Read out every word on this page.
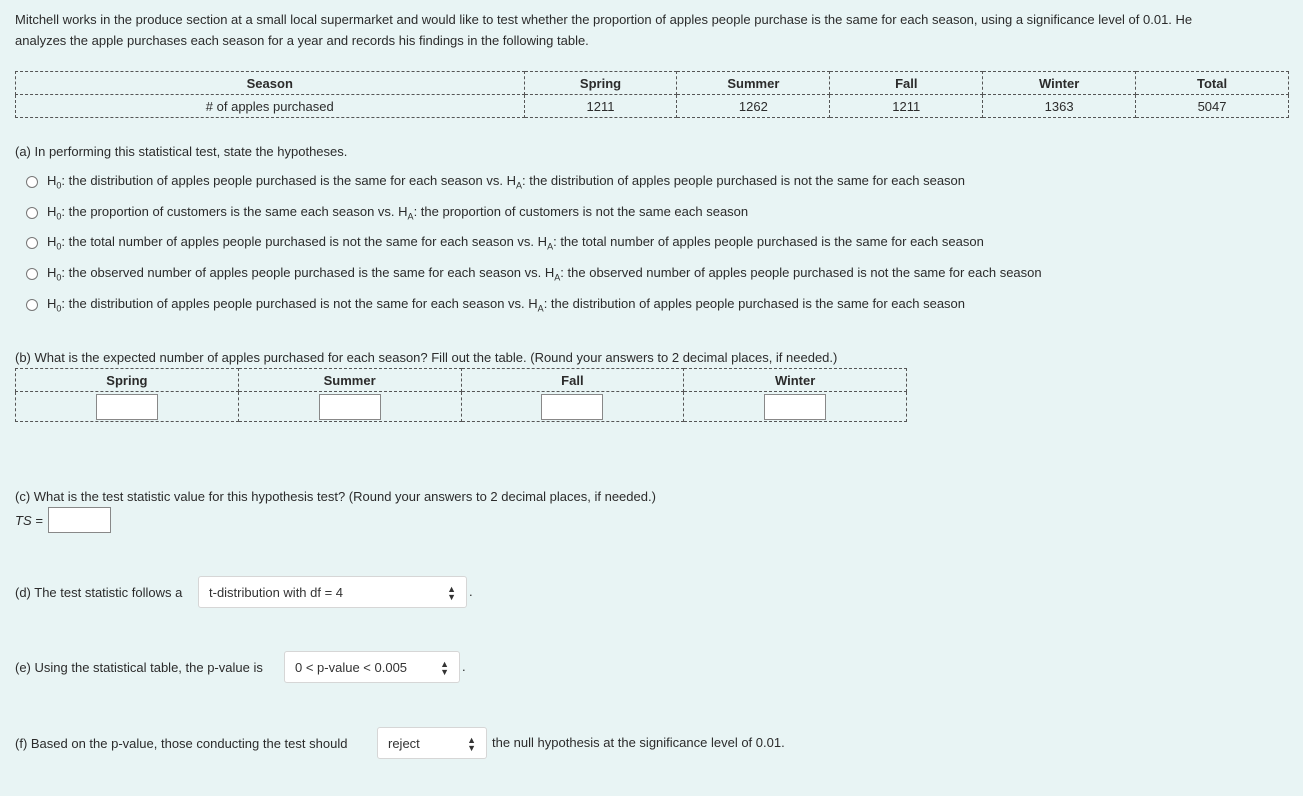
Mitchell works in the produce section at a small local supermarket and would like to test whether the proportion of apples people purchase is the same for each season, using a significance level of 0.01. He
analyzes the apple purchases each season for a year and records his findings in the following table.
Season	Spring	Summer	Fall	Winter	Total
# of apples purchased	1211	1262	1211	1363	5047
(a) In performing this statistical test, state the hypotheses.
$H_0$: the distribution of apples people purchased is the same for each season vs. $H_A$: the distribution of apples people purchased is not the same for each season
$H_0$: the proportion of customers is the same each season vs. $H_A$: the proportion of customers is not the same each season
$H_0$: the total number of apples people purchased is not the same for each season vs. $H_A$: the total number of apples people purchased is the same for each season
$H_0$: the observed number of apples people purchased is the same for each season vs. $H_A$: the observed number of apples people purchased is not the same for each season
$H_0$: the distribution of apples people purchased is not the same for each season vs. $H_A$: the distribution of apples people purchased is the same for each season
(b) What is the expected number of apples purchased for each season? Fill out the table. (Round your answers to 2 decimal places, if needed.)
Spring	Summer	Fall	Winter

(c) What is the test statistic value for this hypothesis test? (Round your answers to 2 decimal places, if needed.)
TS =
(d) The test statistic follows a t-distribution with df = 4	▲
▼ .
(e) Using the statistical table, the p-value is 0 < p-value < 0.005	▲
▼ .
(f) Based on the p-value, those conducting the test should	reject	▲
▼ the null hypothesis at the significance level of 0.01.
